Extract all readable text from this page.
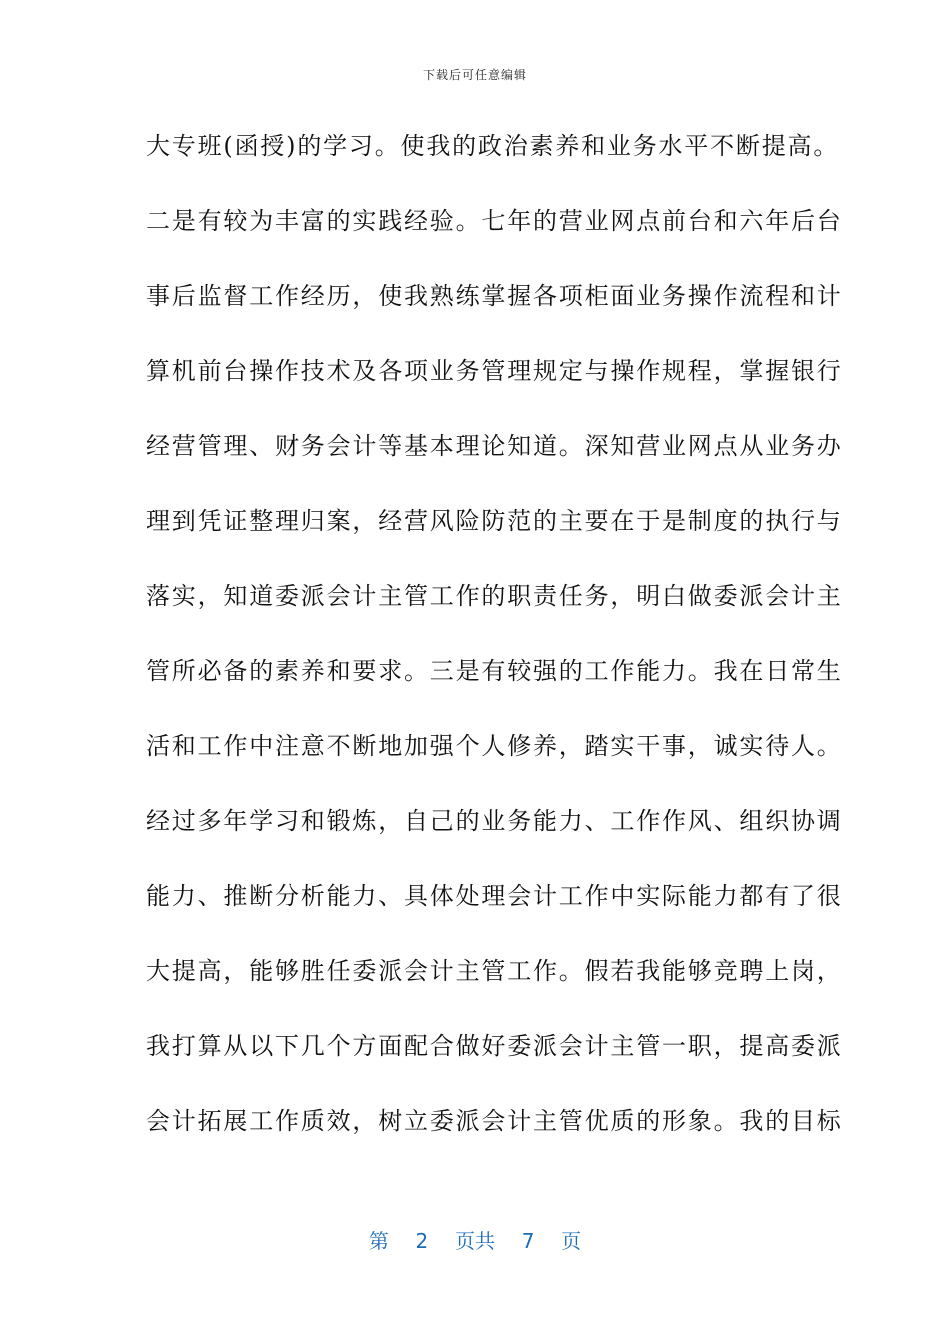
下载后可任意编辑
大专班(函授)的学习。使我的政治素养和业务水平不断提高。
二是有较为丰富的实践经验。七年的营业网点前台和六年后台
事后监督工作经历，使我熟练掌握各项柜面业务操作流程和计
算机前台操作技术及各项业务管理规定与操作规程，掌握银行
经营管理、财务会计等基本理论知道。深知营业网点从业务办
理到凭证整理归案，经营风险防范的主要在于是制度的执行与
落实，知道委派会计主管工作的职责任务，明白做委派会计主
管所必备的素养和要求。三是有较强的工作能力。我在日常生
活和工作中注意不断地加强个人修养，踏实干事，诚实待人。
经过多年学习和锻炼，自己的业务能力、工作作风、组织协调
能力、推断分析能力、具体处理会计工作中实际能力都有了很
大提高，能够胜任委派会计主管工作。假若我能够竞聘上岗，
我打算从以下几个方面配合做好委派会计主管一职，提高委派
会计拓展工作质效，树立委派会计主管优质的形象。我的目标
第 2 页共 7 页
